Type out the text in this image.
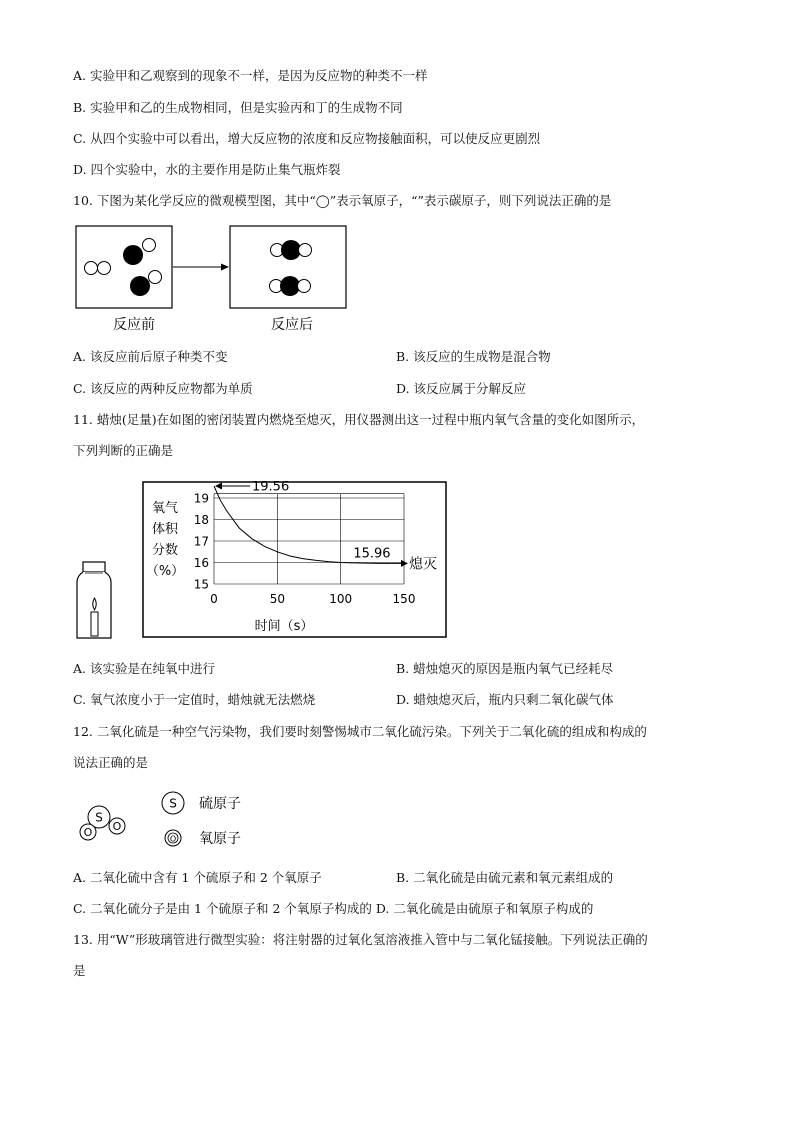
A. 实验甲和乙观察到的现象不一样，是因为反应物的种类不一样
B. 实验甲和乙的生成物相同，但是实验丙和丁的生成物不同
C. 从四个实验中可以看出，增大反应物的浓度和反应物接触面积，可以使反应更剧烈
D. 四个实验中，水的主要作用是防止集气瓶炸裂
10. 下图为某化学反应的微观模型图，其中“◯”表示氧原子，“”表示碳原子，则下列说法正确的是
反应前	反应后
A. 该反应前后原子种类不变	B. 该反应的生成物是混合物
C. 该反应的两种反应物都为单质	D. 该反应属于分解反应
11. 蜡烛(足量)在如图的密闭装置内燃烧至熄灭，用仪器测出这一过程中瓶内氧气含量的变化如图所示，
下列判断的正确是
氧气
体积
分数
（%）
15
16
17
18
19
0	50	100	150
19.56
15.96
熄灭
时间（s）
A. 该实验是在纯氧中进行	B. 蜡烛熄灭的原因是瓶内氧气已经耗尽
C. 氧气浓度小于一定值时，蜡烛就无法燃烧	D. 蜡烛熄灭后，瓶内只剩二氧化碳气体
12. 二氧化硫是一种空气污染物，我们要时刻警惕城市二氧化硫污染。下列关于二氧化硫的组成和构成的
说法正确的是
S
O O
S 硫原子
O 氧原子
A. 二氧化硫中含有 1 个硫原子和 2 个氧原子	B. 二氧化硫是由硫元素和氧元素组成的
C. 二氧化硫分子是由 1 个硫原子和 2 个氧原子构成的 D. 二氧化硫是由硫原子和氧原子构成的
13. 用“W”形玻璃管进行微型实验：将注射器的过氧化氢溶液推入管中与二氧化锰接触。下列说法正确的
是
